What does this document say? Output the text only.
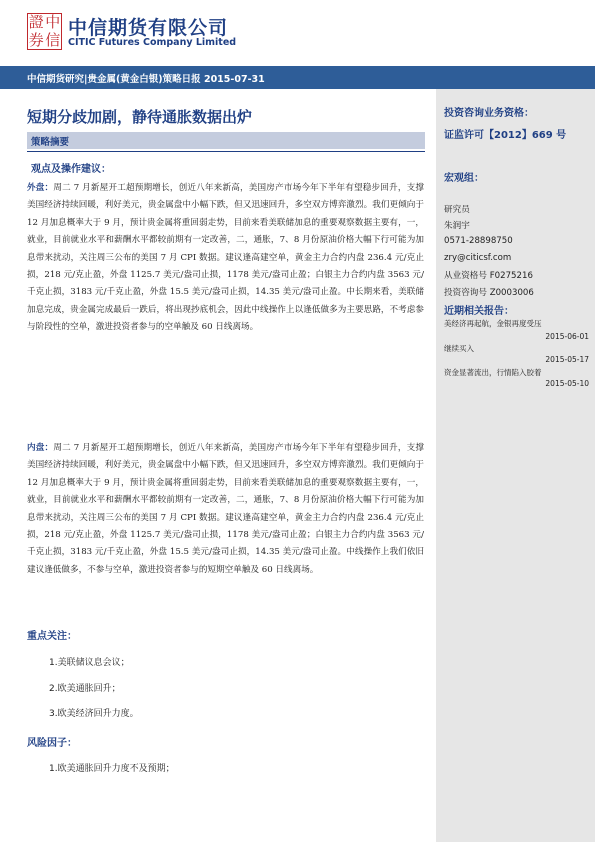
證 中
券 信
中信期货有限公司
CITIC Futures Company Limited
中信期货研究|贵金属(黄金白银)策略日报 2015-07-31
短期分歧加剧，静待通胀数据出炉
策略摘要
观点及操作建议：
外盘：周二 7 月新屋开工超预期增长，创近八年来新高，美国房产市场今年下半年有望稳步回升，支撑美国经济持续回暖，利好美元，贵金属盘中小幅下跌，但又迅速回升，多空双方博弈激烈。我们更倾向于 12 月加息概率大于 9 月，预计贵金属将重回弱走势，目前来看美联储加息的重要观察数据主要有，一，就业，目前就业水平和薪酬水平都较前期有一定改善，二，通胀，7、8 月份原油价格大幅下行可能为加息带来扰动，关注周三公布的美国 7 月 CPI 数据。建议逢高建空单，黄金主力合约内盘 236.4 元/克止损，218 元/克止盈，外盘 1125.7 美元/盎司止损，1178 美元/盎司止盈；白银主力合约内盘 3563 元/千克止损，3183 元/千克止盈，外盘 15.5 美元/盎司止损，14.35 美元/盎司止盈。中长期来看，美联储加息完成，贵金属完成最后一跌后，将出现抄底机会，因此中线操作上以逢低做多为主要思路，不考虑参与阶段性的空单，激进投资者参与的空单触及 60 日线离场。
内盘：周二 7 月新屋开工超预期增长，创近八年来新高，美国房产市场今年下半年有望稳步回升，支撑美国经济持续回暖，利好美元，贵金属盘中小幅下跌，但又迅速回升，多空双方博弈激烈。我们更倾向于 12 月加息概率大于 9 月，预计贵金属将重回弱走势，目前来看美联储加息的重要观察数据主要有，一，就业，目前就业水平和薪酬水平都较前期有一定改善，二，通胀，7、8 月份原油价格大幅下行可能为加息带来扰动，关注周三公布的美国 7 月 CPI 数据。建议逢高建空单，黄金主力合约内盘 236.4 元/克止损，218 元/克止盈，外盘 1125.7 美元/盎司止损，1178 美元/盎司止盈；白银主力合约内盘 3563 元/千克止损，3183 元/千克止盈，外盘 15.5 美元/盎司止损，14.35 美元/盎司止盈。中线操作上我们依旧建议逢低做多，不参与空单，激进投资者参与的短期空单触及 60 日线离场。
重点关注：
1.美联储议息会议；
2.欧美通胀回升；
3.欧美经济回升力度。
风险因子：
1.欧美通胀回升力度不及预期；
投资咨询业务资格：
证监许可【2012】669 号
宏观组：
研究员
朱润宇
0571-28898750
zry@citicsf.com
从业资格号 F0275216
投资咨询号 Z0003006
近期相关报告：
美经济再起航，金银再度受压
2015-06-01
继续买入
2015-05-17
资金显著流出，行情陷入胶着
2015-05-10
